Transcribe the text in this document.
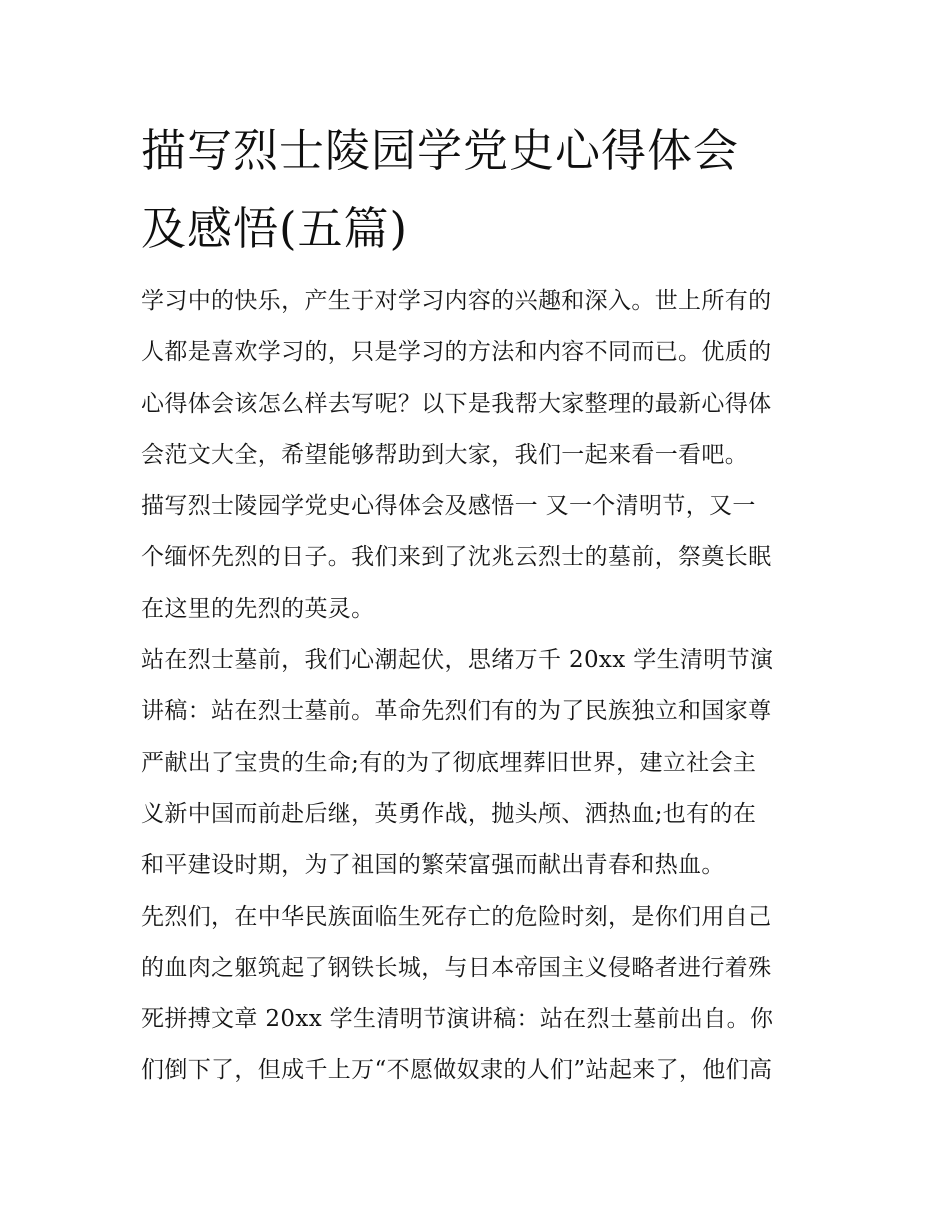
描写烈士陵园学党史心得体会
及感悟(五篇)
学习中的快乐，产生于对学习内容的兴趣和深入。世上所有的
人都是喜欢学习的，只是学习的方法和内容不同而已。优质的
心得体会该怎么样去写呢？以下是我帮大家整理的最新心得体
会范文大全，希望能够帮助到大家，我们一起来看一看吧。
描写烈士陵园学党史心得体会及感悟一 又一个清明节，又一
个缅怀先烈的日子。我们来到了沈兆云烈士的墓前，祭奠长眠
在这里的先烈的英灵。
站在烈士墓前，我们心潮起伏，思绪万千 20xx 学生清明节演
讲稿：站在烈士墓前。革命先烈们有的为了民族独立和国家尊
严献出了宝贵的生命;有的为了彻底埋葬旧世界，建立社会主
义新中国而前赴后继，英勇作战，抛头颅、洒热血;也有的在
和平建设时期，为了祖国的繁荣富强而献出青春和热血。
先烈们，在中华民族面临生死存亡的危险时刻，是你们用自己
的血肉之躯筑起了钢铁长城，与日本帝国主义侵略者进行着殊
死拼搏文章 20xx 学生清明节演讲稿：站在烈士墓前出自。你
们倒下了，但成千上万“不愿做奴隶的人们”站起来了，他们高
